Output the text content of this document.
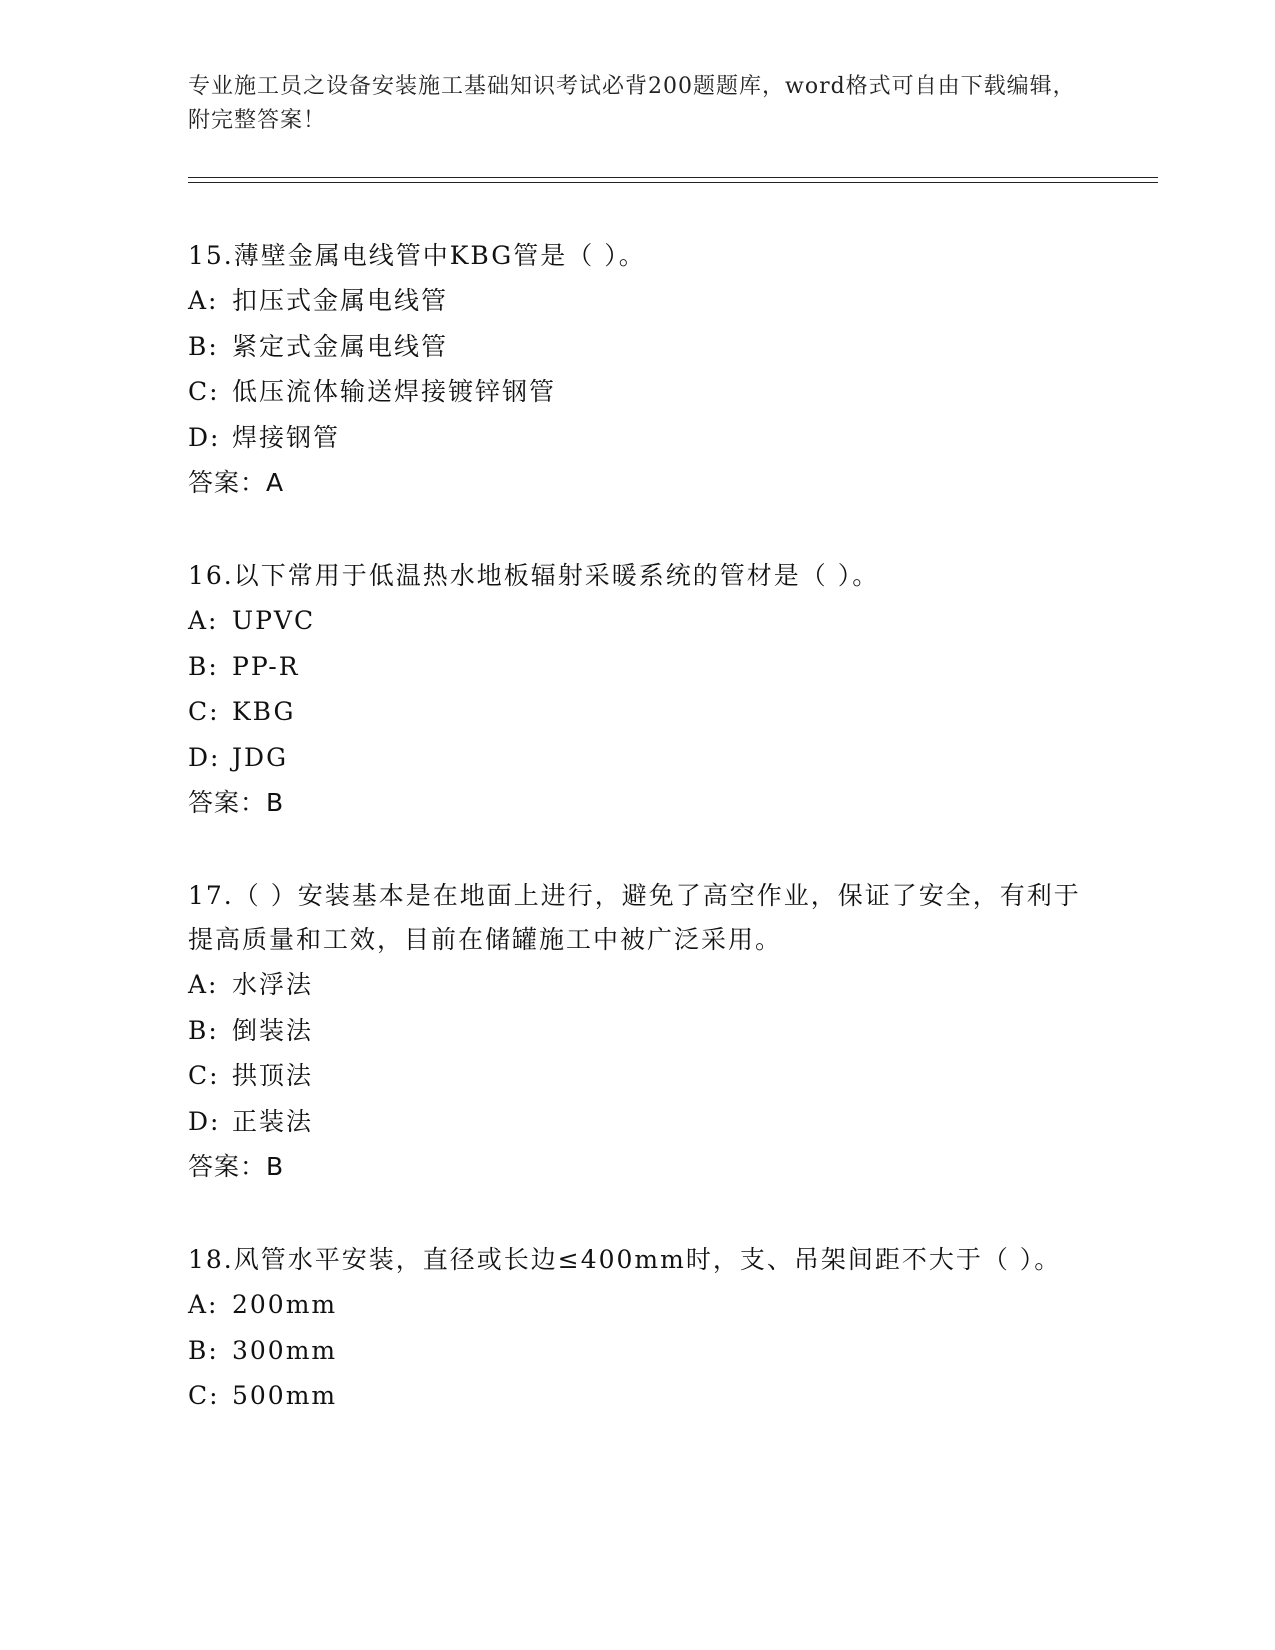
专业施工员之设备安装施工基础知识考试必背200题题库，word格式可自由下载编辑，附完整答案！

15.薄壁金属电线管中KBG管是（ ）。

A: 扣压式金属电线管

B: 紧定式金属电线管

C: 低压流体输送焊接镀锌钢管

D: 焊接钢管

答案：A

16.以下常用于低温热水地板辐射采暖系统的管材是（ ）。

A: UPVC

B: PP-R

C: KBG

D: JDG

答案：B

17.（ ）安装基本是在地面上进行，避免了高空作业，保证了安全，有利于提高质量和工效，目前在储罐施工中被广泛采用。

A: 水浮法

B: 倒装法

C: 拱顶法

D: 正装法

答案：B

18.风管水平安装，直径或长边≤400mm时，支、吊架间距不大于（ ）。

A: 200mm

B: 300mm

C: 500mm
